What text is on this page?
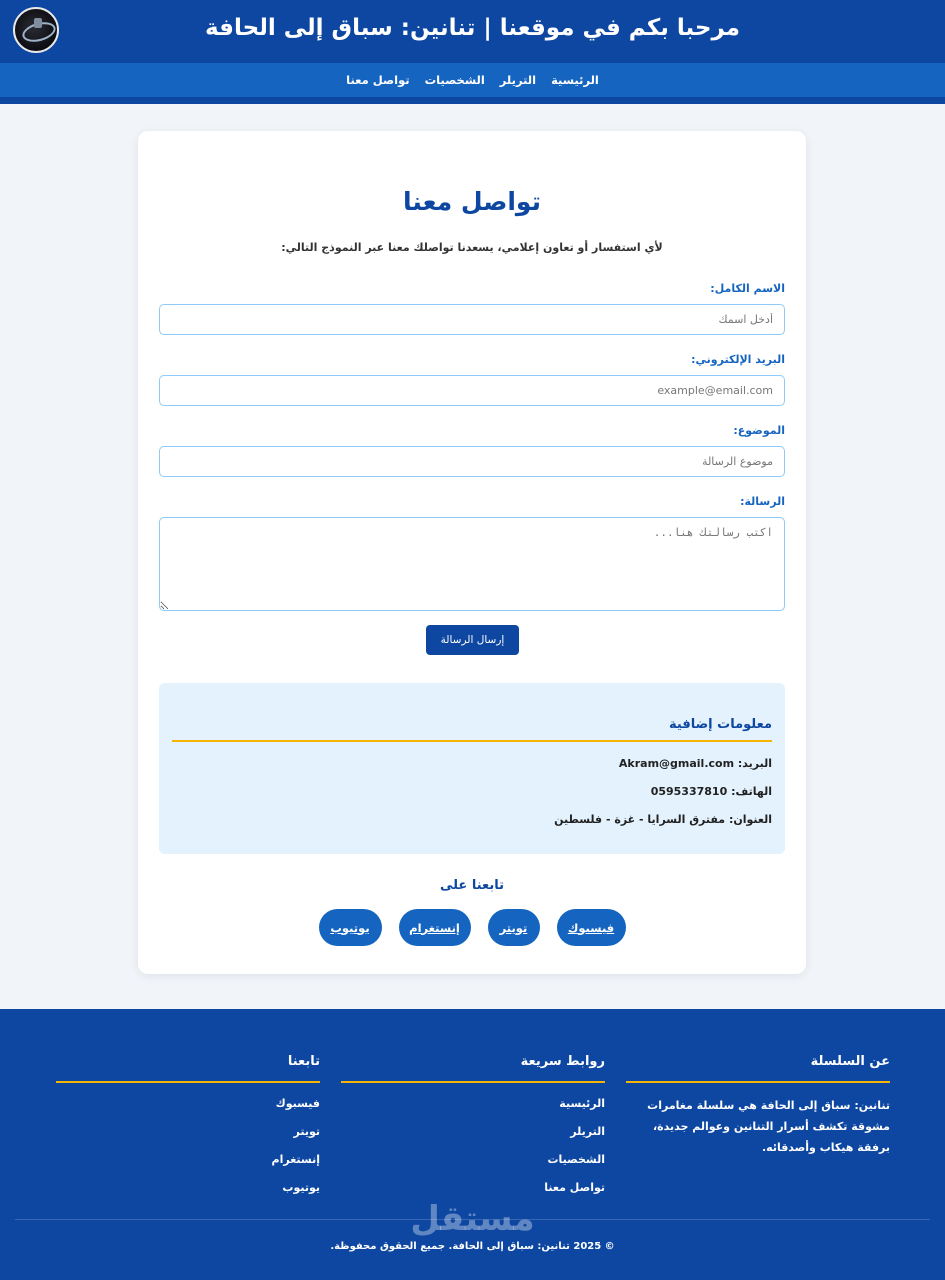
مرحبا بكم في موقعنا | تنانين: سباق إلى الحافة
الرئيسية
التريلر
الشخصيات
تواصل معنا
تواصل معنا

لأي استفسار أو تعاون إعلامي، يسعدنا تواصلك معنا عبر النموذج التالي:

الاسم الكامل:
أدخل اسمك
البريد الإلكتروني:
example@email.com
الموضوع:
موضوع الرسالة
الرسالة:
اكتب رسالتك هنا...
إرسال الرسالة
معلومات إضافية
البريد: Akram@gmail.com
الهاتف: 0595337810
العنوان: مفترق السرايا - غزة - فلسطين
تابعنا على
فيسبوك
تويتر
إنستغرام
يوتيوب
عن السلسلة

تنانين: سباق إلى الحافة هي سلسلة مغامرات مشوقة تكشف أسرار التنانين وعوالم جديدة، برفقة هيكاب وأصدقائه.

روابط سريعة
الرئيسية
التريلر
الشخصيات
تواصل معنا
تابعنا
فيسبوك
تويتر
إنستغرام
يوتيوب
مستقل
© 2025 تنانين: سباق إلى الحافة. جميع الحقوق محفوظة.
